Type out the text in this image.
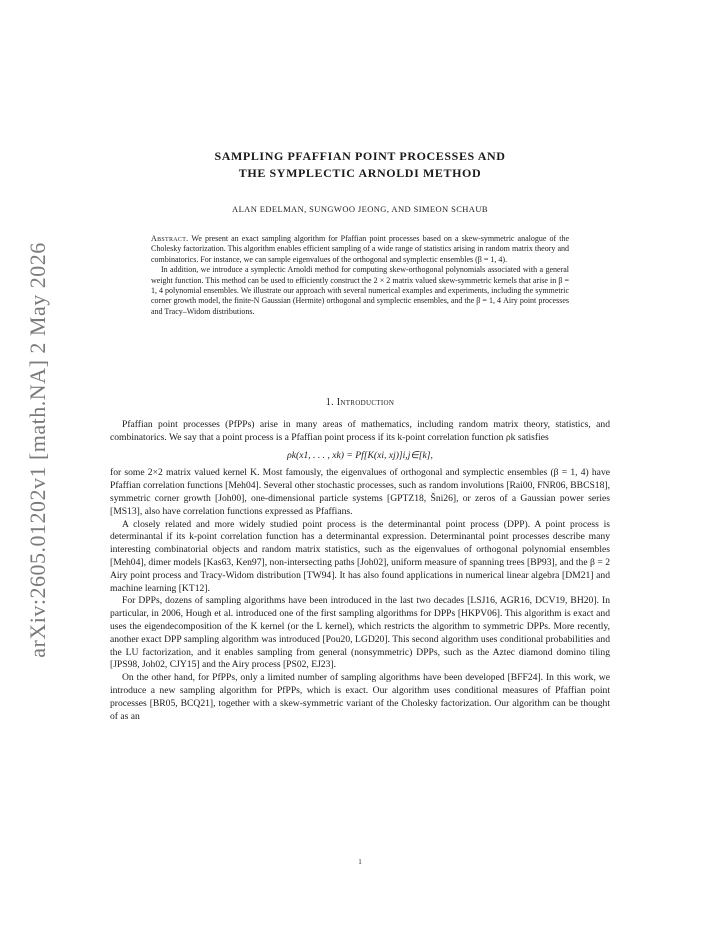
arXiv:2605.01202v1 [math.NA] 2 May 2026
SAMPLING PFAFFIAN POINT PROCESSES AND
THE SYMPLECTIC ARNOLDI METHOD
ALAN EDELMAN, SUNGWOO JEONG, AND SIMEON SCHAUB

Abstract. We present an exact sampling algorithm for Pfaffian point processes based on a skew-symmetric analogue of the Cholesky factorization. This algorithm enables efficient sampling of a wide range of statistics arising in random matrix theory and combinatorics. For instance, we can sample eigenvalues of the orthogonal and symplectic ensembles (β = 1, 4).

In addition, we introduce a symplectic Arnoldi method for computing skew-orthogonal polynomials associated with a general weight function. This method can be used to efficiently construct the 2 × 2 matrix valued skew-symmetric kernels that arise in β = 1, 4 polynomial ensembles. We illustrate our approach with several numerical examples and experiments, including the symmetric corner growth model, the finite-N Gaussian (Hermite) orthogonal and symplectic ensembles, and the β = 1, 4 Airy point processes and Tracy–Widom distributions.

1. Introduction

Pfaffian point processes (PfPPs) arise in many areas of mathematics, including random matrix theory, statistics, and combinatorics. We say that a point process is a Pfaffian point process if its k-point correlation function ρk satisfies

ρk(x1, . . . , xk) = Pf[K(xi, xj)]i,j∈[k],

for some 2×2 matrix valued kernel K. Most famously, the eigenvalues of orthogonal and symplectic ensembles (β = 1, 4) have Pfaffian correlation functions [Meh04]. Several other stochastic processes, such as random involutions [Rai00, FNR06, BBCS18], symmetric corner growth [Joh00], one-dimensional particle systems [GPTZ18, Šni26], or zeros of a Gaussian power series [MS13], also have correlation functions expressed as Pfaffians.

A closely related and more widely studied point process is the determinantal point process (DPP). A point process is determinantal if its k-point correlation function has a determinantal expression. Determinantal point processes describe many interesting combinatorial objects and random matrix statistics, such as the eigenvalues of orthogonal polynomial ensembles [Meh04], dimer models [Kas63, Ken97], non-intersecting paths [Joh02], uniform measure of spanning trees [BP93], and the β = 2 Airy point process and Tracy-Widom distribution [TW94]. It has also found applications in numerical linear algebra [DM21] and machine learning [KT12].

For DPPs, dozens of sampling algorithms have been introduced in the last two decades [LSJ16, AGR16, DCV19, BH20]. In particular, in 2006, Hough et al. introduced one of the first sampling algorithms for DPPs [HKPV06]. This algorithm is exact and uses the eigendecomposition of the K kernel (or the L kernel), which restricts the algorithm to symmetric DPPs. More recently, another exact DPP sampling algorithm was introduced [Pou20, LGD20]. This second algorithm uses conditional probabilities and the LU factorization, and it enables sampling from general (nonsymmetric) DPPs, such as the Aztec diamond domino tiling [JPS98, Joh02, CJY15] and the Airy process [PS02, EJ23].

On the other hand, for PfPPs, only a limited number of sampling algorithms have been developed [BFF24]. In this work, we introduce a new sampling algorithm for PfPPs, which is exact. Our algorithm uses conditional measures of Pfaffian point processes [BR05, BCQ21], together with a skew-symmetric variant of the Cholesky factorization. Our algorithm can be thought of as an

1
